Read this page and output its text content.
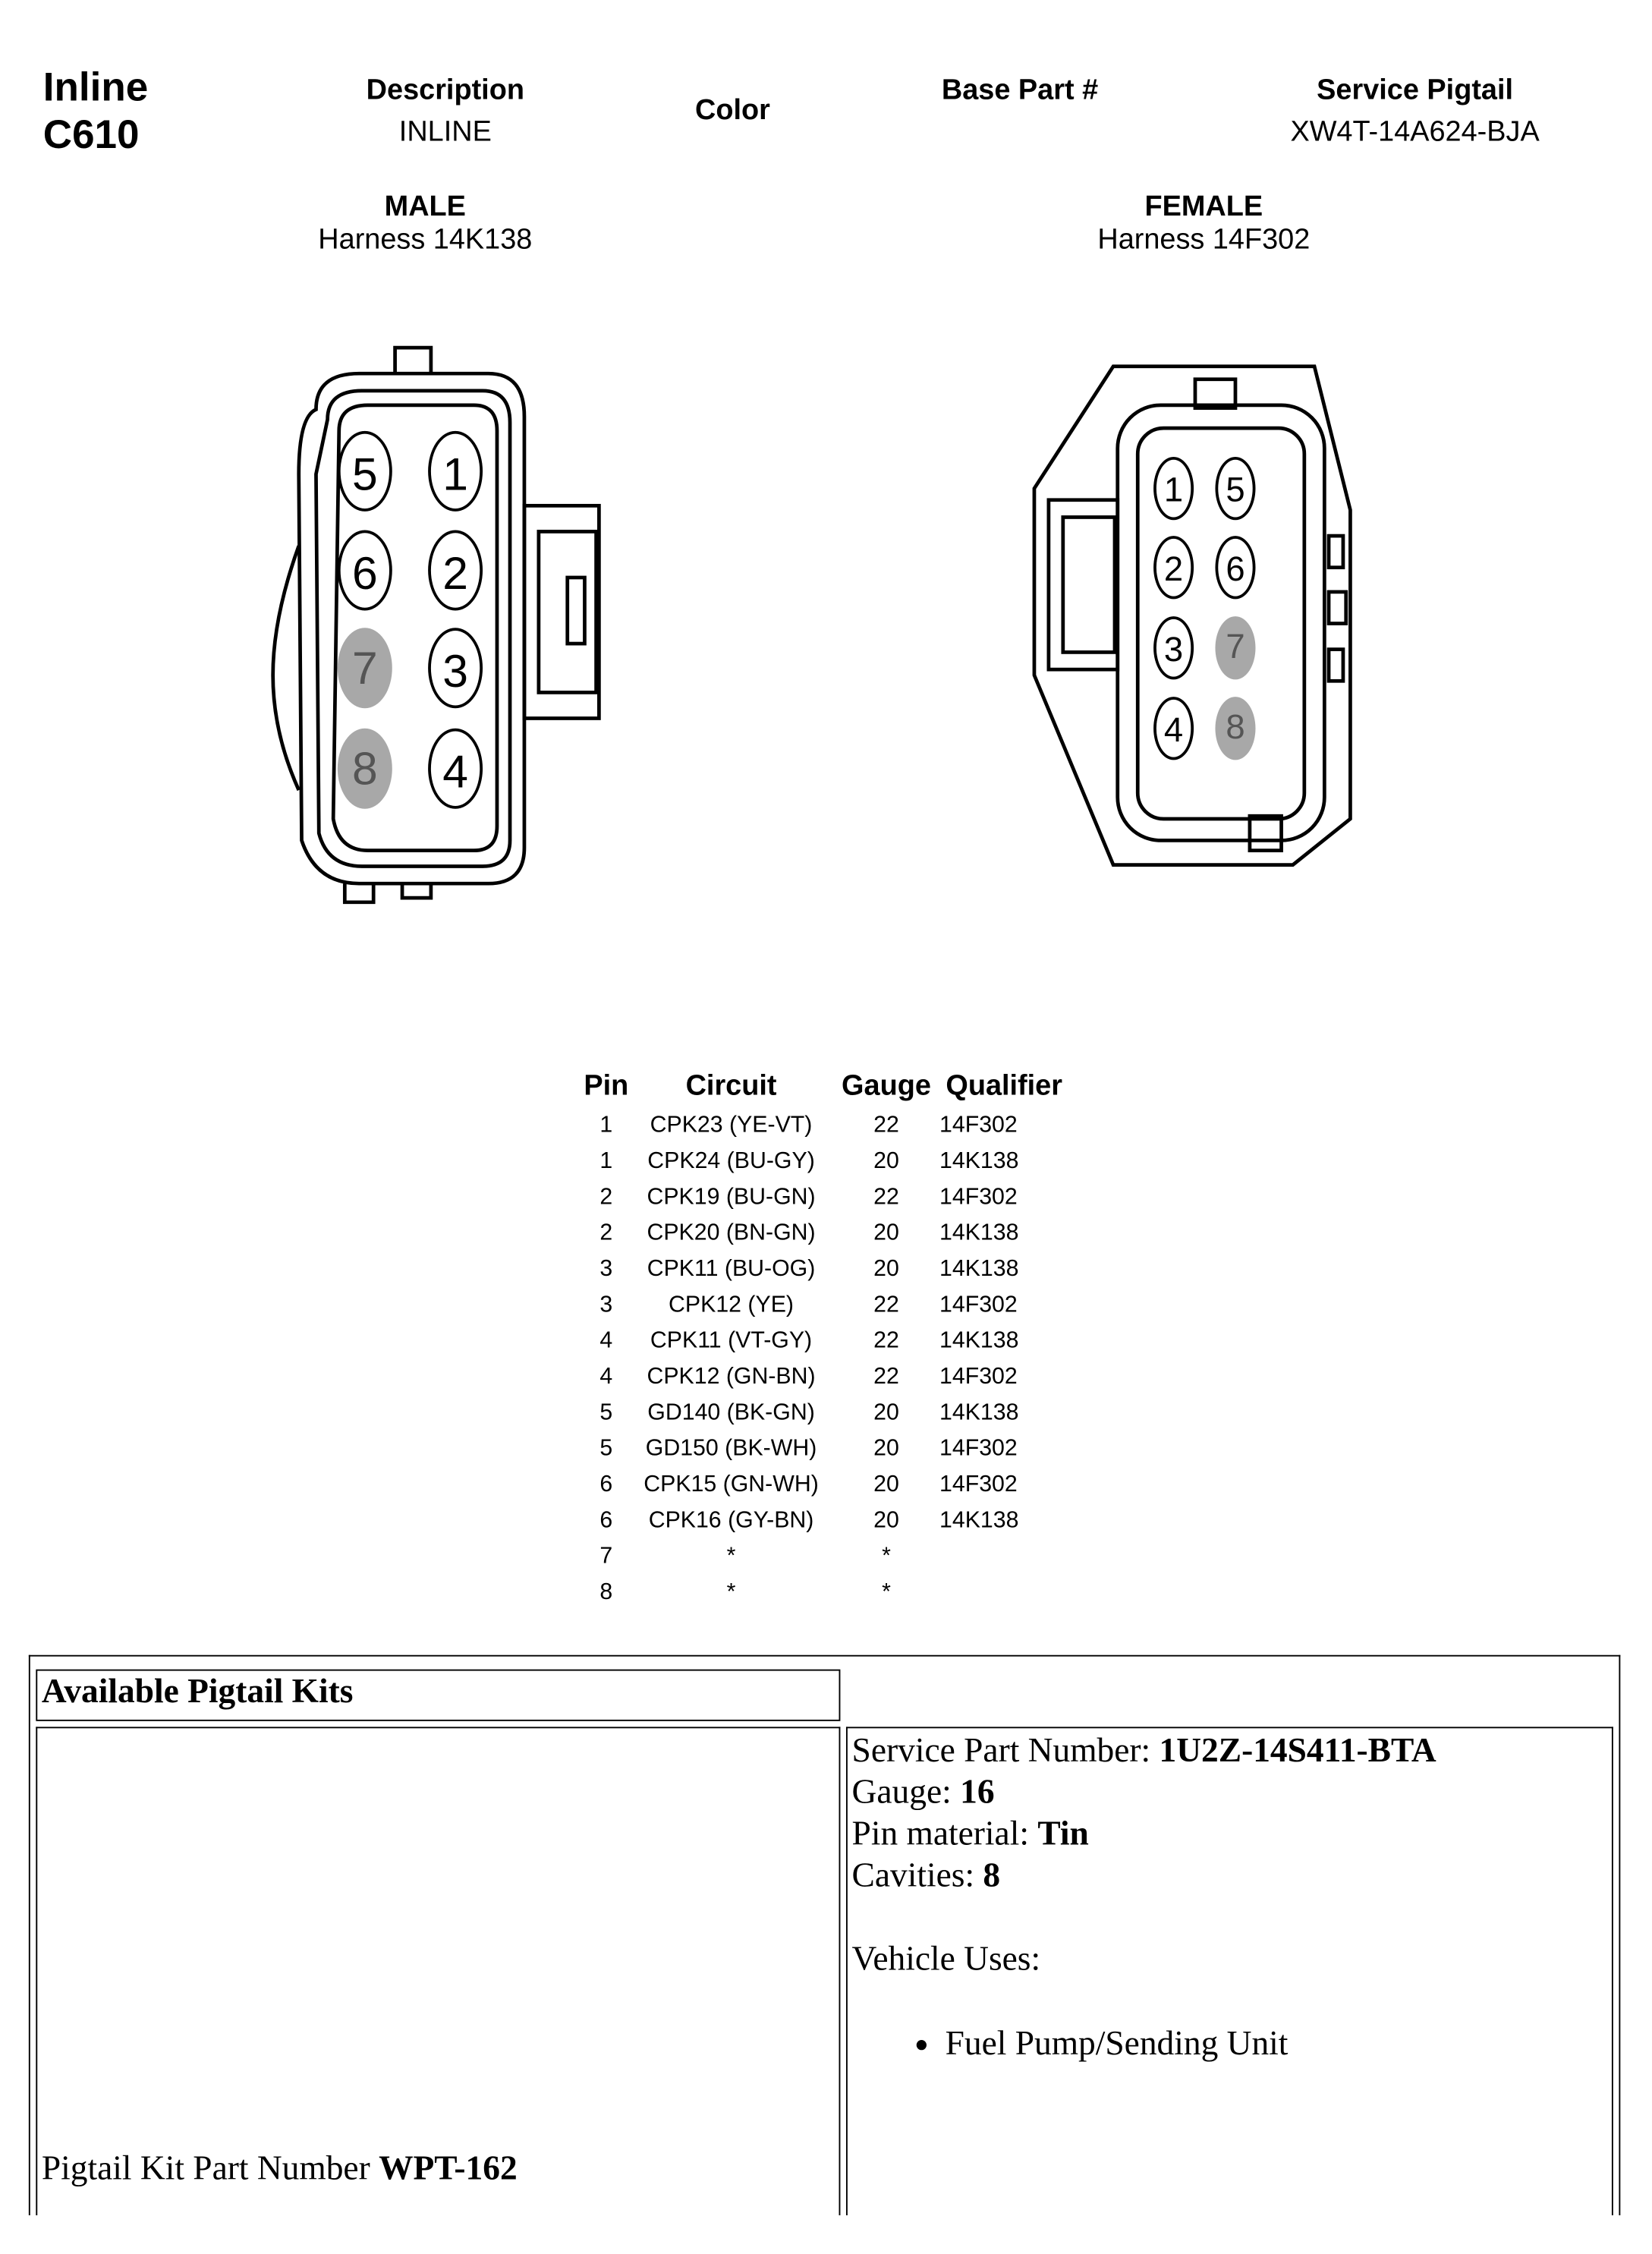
Inline
C610
Description
INLINE
Color
Base Part #	Service Pigtail
XW4T-14A624-BJA
MALE
Harness 14K138
FEMALE
Harness 14F302
5	1
6	2
7	3
8	4
1	5
2	6
3	7
4	8
Pin	Circuit	Gauge Qualifier
1	CPK23 (YE-VT)	22	14F302
1	CPK24 (BU-GY)	20	14K138
2	CPK19 (BU-GN)	22	14F302
2	CPK20 (BN-GN)	20	14K138
3	CPK11 (BU-OG)	20	14K138
3	CPK12 (YE)	22	14F302
4	CPK11 (VT-GY)	22	14K138
4	CPK12 (GN-BN)	22	14F302
5	GD140 (BK-GN)	20	14K138
5	GD150 (BK-WH)	20	14F302
6	CPK15 (GN-WH)	20	14F302
6	CPK16 (GY-BN)	20	14K138
7	*	*
8	*	*
Available Pigtail Kits
Pigtail Kit Part Number WPT-162
Service Part Number: 1U2Z-14S411-BTA
Gauge: 16
Pin material: Tin
Cavities: 8
Vehicle Uses:
• Fuel Pump/Sending Unit
